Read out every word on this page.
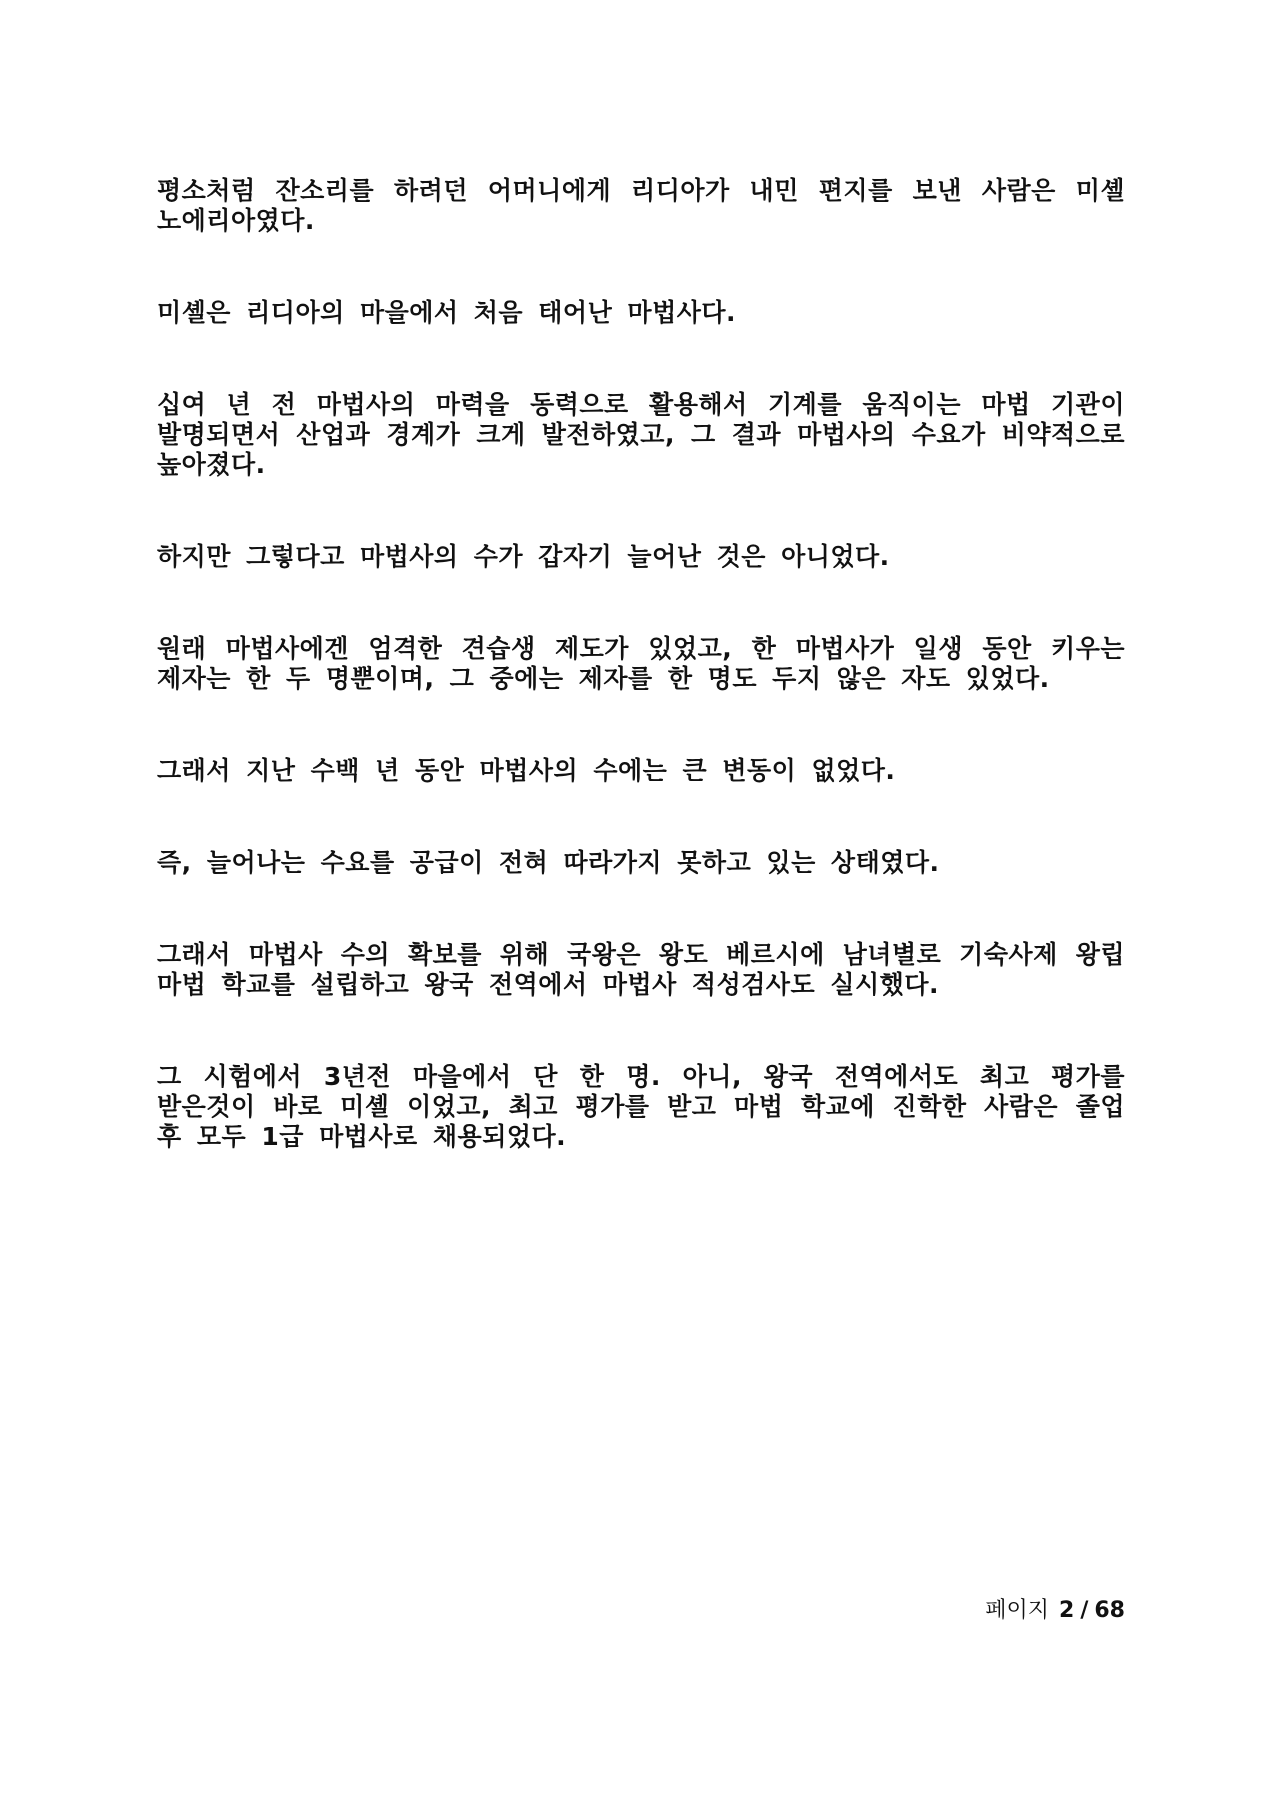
평소처럼 잔소리를 하려던 어머니에게 리디아가 내민 편지를 보낸 사람은 미셸 노에리아였다.

미셸은 리디아의 마을에서 처음 태어난 마법사다.

십여 년 전 마법사의 마력을 동력으로 활용해서 기계를 움직이는 마법 기관이 발명되면서 산업과 경계가 크게 발전하였고, 그 결과 마법사의 수요가 비약적으로 높아졌다.

하지만 그렇다고 마법사의 수가 갑자기 늘어난 것은 아니었다.

원래 마법사에겐 엄격한 견습생 제도가 있었고, 한 마법사가 일생 동안 키우는 제자는 한 두 명뿐이며, 그 중에는 제자를 한 명도 두지 않은 자도 있었다.

그래서 지난 수백 년 동안 마법사의 수에는 큰 변동이 없었다.

즉, 늘어나는 수요를 공급이 전혀 따라가지 못하고 있는 상태였다.

그래서 마법사 수의 확보를 위해 국왕은 왕도 베르시에 남녀별로 기숙사제 왕립 마법 학교를 설립하고 왕국 전역에서 마법사 적성검사도 실시했다.

그 시험에서 3년전 마을에서 단 한 명. 아니, 왕국 전역에서도 최고 평가를 받은것이 바로 미셸 이었고, 최고 평가를 받고 마법 학교에 진학한 사람은 졸업 후 모두 1급 마법사로 채용되었다.

페이지 2 / 68
